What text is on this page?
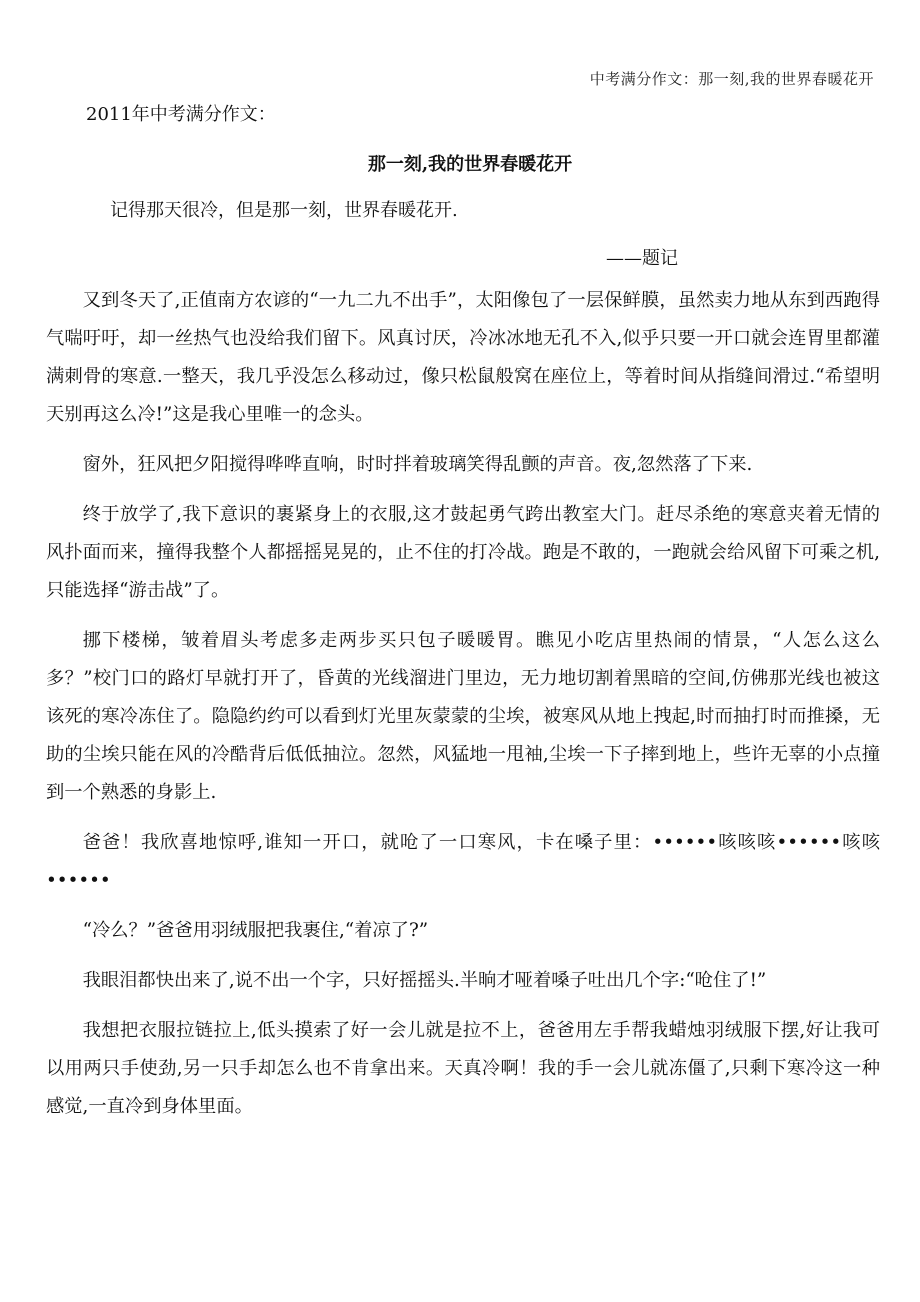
中考满分作文：那一刻,我的世界春暖花开
2011年中考满分作文：
那一刻,我的世界春暖花开
记得那天很冷，但是那一刻，世界春暖花开.
——题记

又到冬天了,正值南方农谚的“一九二九不出手”，太阳像包了一层保鲜膜，虽然卖力地从东到西跑得气喘吁吁，却一丝热气也没给我们留下。风真讨厌，冷冰冰地无孔不入,似乎只要一开口就会连胃里都灌满刺骨的寒意.一整天，我几乎没怎么移动过，像只松鼠般窝在座位上，等着时间从指缝间滑过.“希望明天别再这么冷!”这是我心里唯一的念头。

窗外，狂风把夕阳搅得哗哗直响，时时拌着玻璃笑得乱颤的声音。夜,忽然落了下来.

终于放学了,我下意识的裹紧身上的衣服,这才鼓起勇气跨出教室大门。赶尽杀绝的寒意夹着无情的风扑面而来，撞得我整个人都摇摇晃晃的，止不住的打冷战。跑是不敢的，一跑就会给风留下可乘之机,只能选择“游击战”了。

挪下楼梯，皱着眉头考虑多走两步买只包子暖暖胃。瞧见小吃店里热闹的情景，“人怎么这么多？”校门口的路灯早就打开了，昏黄的光线溜进门里边，无力地切割着黑暗的空间,仿佛那光线也被这该死的寒冷冻住了。隐隐约约可以看到灯光里灰蒙蒙的尘埃，被寒风从地上拽起,时而抽打时而推搡，无助的尘埃只能在风的冷酷背后低低抽泣。忽然，风猛地一甩袖,尘埃一下子摔到地上，些许无辜的小点撞到一个熟悉的身影上.

爸爸！我欣喜地惊呼,谁知一开口，就呛了一口寒风，卡在嗓子里：••••••咳咳咳••••••咳咳••••••

“冷么？”爸爸用羽绒服把我裹住,“着凉了?”

我眼泪都快出来了,说不出一个字，只好摇摇头.半晌才哑着嗓子吐出几个字:“呛住了!”

我想把衣服拉链拉上,低头摸索了好一会儿就是拉不上，爸爸用左手帮我蜡烛羽绒服下摆,好让我可以用两只手使劲,另一只手却怎么也不肯拿出来。天真冷啊！我的手一会儿就冻僵了,只剩下寒冷这一种感觉,一直冷到身体里面。
